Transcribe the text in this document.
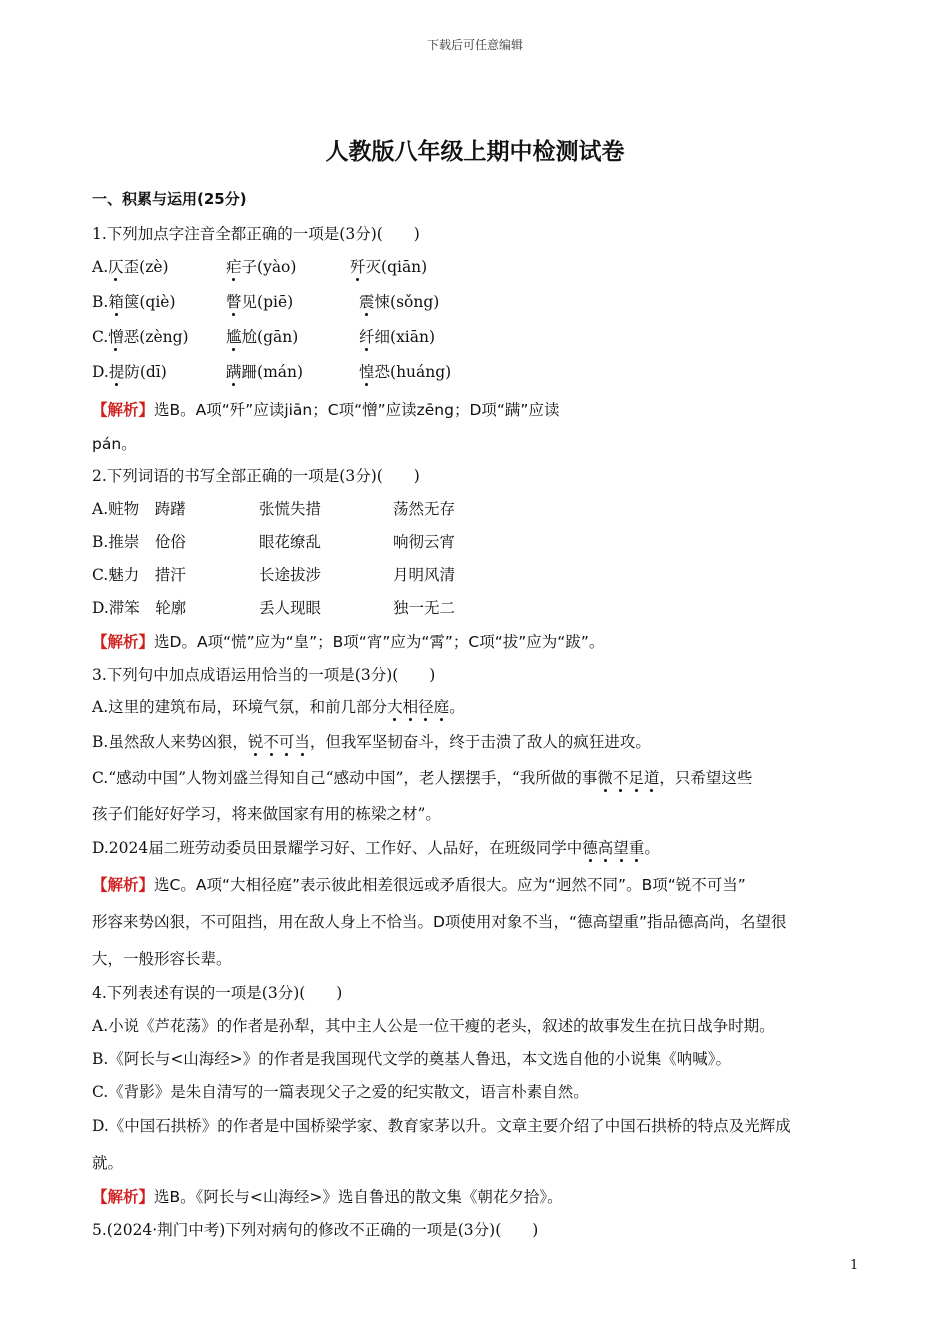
下载后可任意编辑
人教版八年级上期中检测试卷
一、积累与运用(25分)
1.下列加点字注音全都正确的一项是(3分)(　　)
A.仄歪(zè)	疟子(yào)	歼灭(qiān)
B.箱箧(qiè)	瞥见(piē)	震悚(sǒng)
C.憎恶(zèng) 尴尬(gān)	纤细(xiān)
D.提防(dī)	蹒跚(mán)	惶恐(huáng)
【解析】选B。A项“歼”应读jiān；C项“憎”应读zēng；D项“蹒”应读
pán。
2.下列词语的书写全部正确的一项是(3分)(　　)
A.赃物　踌躇	张慌失措	荡然无存
B.推崇　伧俗	眼花缭乱	响彻云宵
C.魅力　措汗	长途拔涉	月明风清
D.滞笨　轮廓	丢人现眼	独一无二
【解析】选D。A项“慌”应为“皇”；B项“宵”应为“霄”；C项“拔”应为“跋”。
3.下列句中加点成语运用恰当的一项是(3分)(　　)
A.这里的建筑布局，环境气氛，和前几部分大相径庭。
B.虽然敌人来势凶狠，锐不可当，但我军坚韧奋斗，终于击溃了敌人的疯狂进攻。
C.“感动中国”人物刘盛兰得知自己“感动中国”，老人摆摆手，“我所做的事微不足道，只希望这些
孩子们能好好学习，将来做国家有用的栋梁之材”。
D.2024届二班劳动委员田景耀学习好、工作好、人品好，在班级同学中德高望重。
【解析】选C。A项“大相径庭”表示彼此相差很远或矛盾很大。应为“迥然不同”。B项“锐不可当”
形容来势凶狠，不可阻挡，用在敌人身上不恰当。D项使用对象不当，“德高望重”指品德高尚，名望很
大，一般形容长辈。
4.下列表述有误的一项是(3分)(　　)
A.小说《芦花荡》的作者是孙犁，其中主人公是一位干瘦的老头，叙述的故事发生在抗日战争时期。
B.《阿长与<山海经>》的作者是我国现代文学的奠基人鲁迅，本文选自他的小说集《呐喊》。
C.《背影》是朱自清写的一篇表现父子之爱的纪实散文，语言朴素自然。
D.《中国石拱桥》的作者是中国桥梁学家、教育家茅以升。文章主要介绍了中国石拱桥的特点及光辉成
就。
【解析】选B。《阿长与<山海经>》选自鲁迅的散文集《朝花夕拾》。
5.(2024·荆门中考)下列对病句的修改不正确的一项是(3分)(　　)
1
